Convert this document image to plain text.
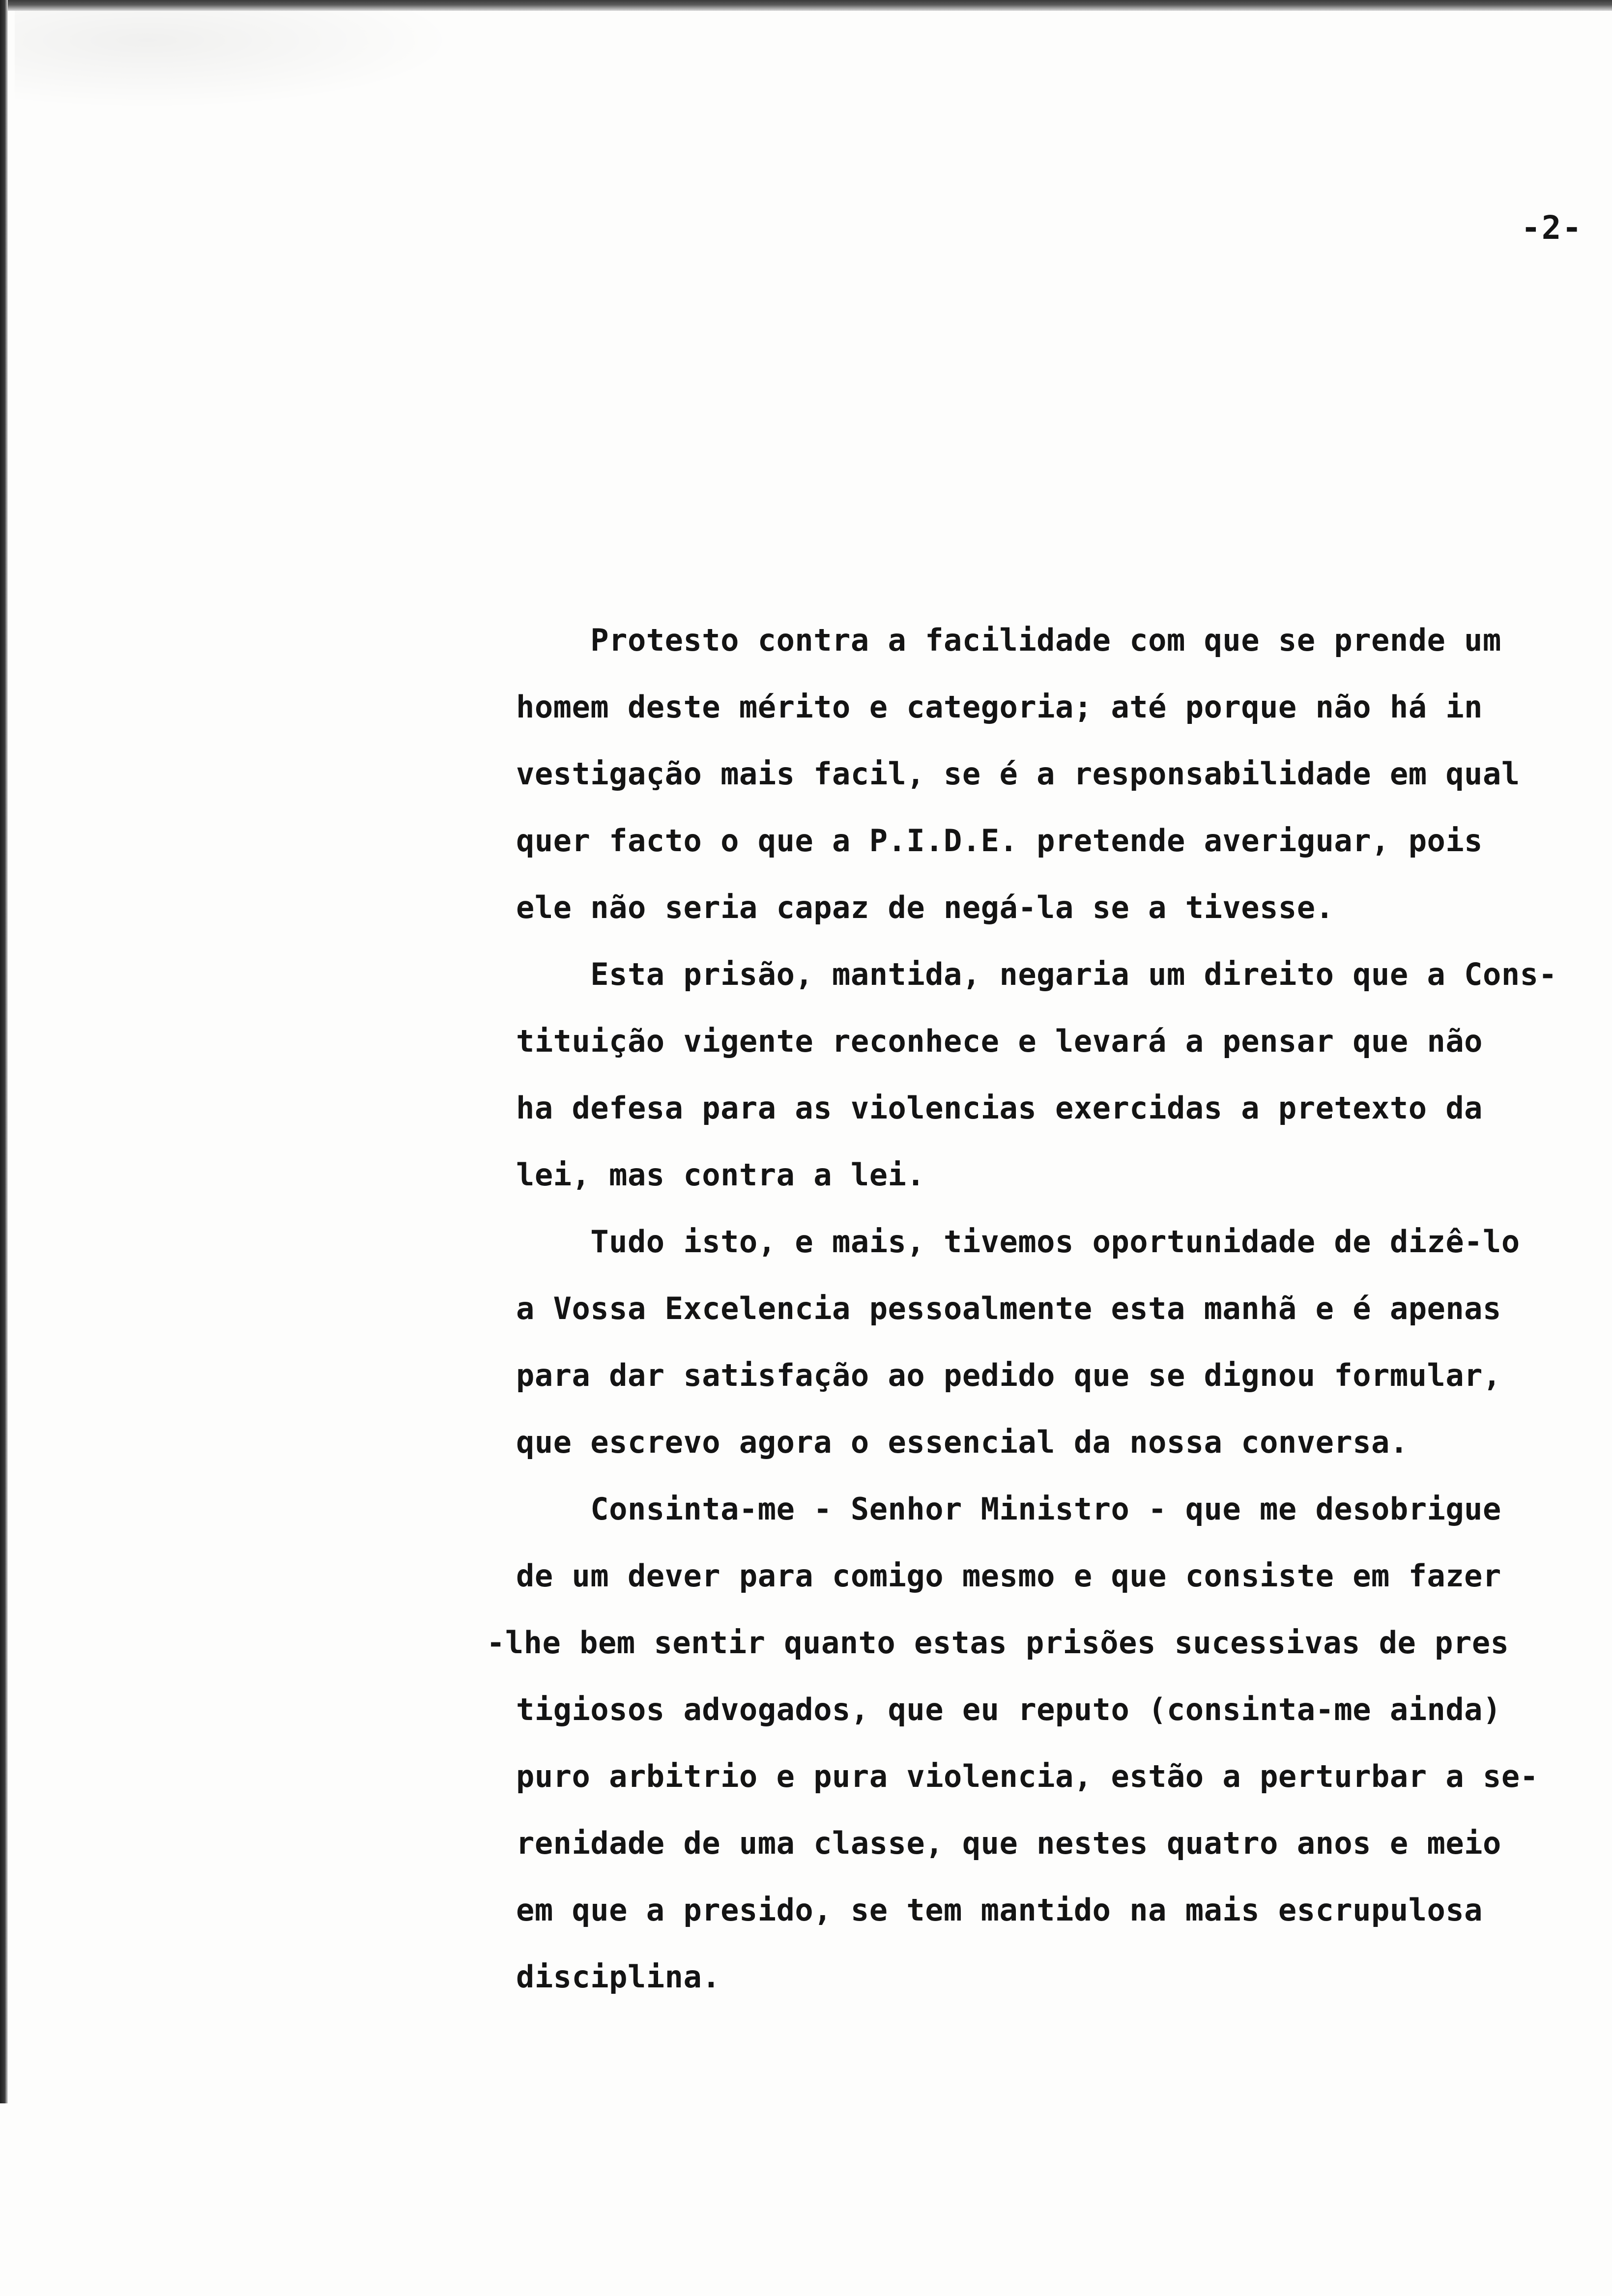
-2-

Protesto contra a facilidade com que se prende um
homem deste mérito e categoria; até porque não há in
vestigação mais facil, se é a responsabilidade em qual
quer facto o que a P.I.D.E. pretende averiguar, pois
ele não seria capaz de negá-la se a tivesse.
Esta prisão, mantida, negaria um direito que a Cons-
tituição vigente reconhece e levará a pensar que não
ha defesa para as violencias exercidas a pretexto da
lei, mas contra a lei.
Tudo isto, e mais, tivemos oportunidade de dizê-lo
a Vossa Excelencia pessoalmente esta manhã e é apenas
para dar satisfação ao pedido que se dignou formular,
que escrevo agora o essencial da nossa conversa.
Consinta-me - Senhor Ministro - que me desobrigue
de um dever para comigo mesmo e que consiste em fazer
-lhe bem sentir quanto estas prisões sucessivas de pres
tigiosos advogados, que eu reputo (consinta-me ainda)
puro arbitrio e pura violencia, estão a perturbar a se-
renidade de uma classe, que nestes quatro anos e meio
em que a presido, se tem mantido na mais escrupulosa
disciplina.
